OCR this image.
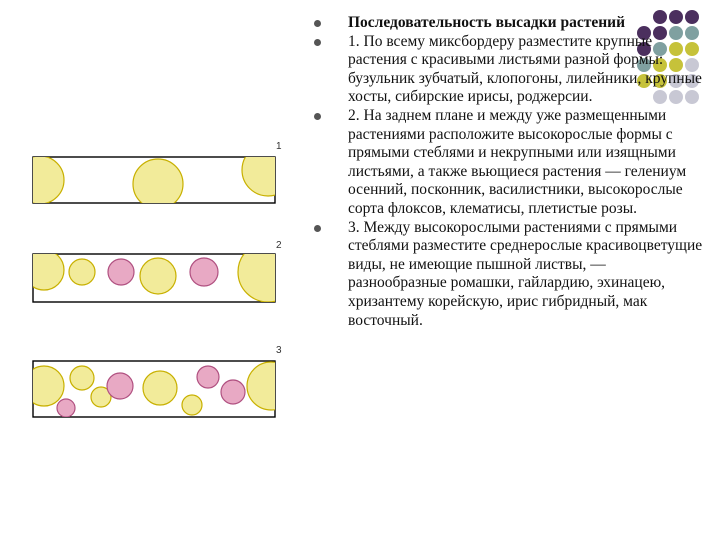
1
2
3
Последовательность высадки растений
1. По всему миксбордеру разместите крупные растения с красивыми листьями разной формы: бузульник зубчатый, клопогоны, лилейники, крупные хосты, сибирские ирисы, роджерсии.
2. На заднем плане и между уже размещенными растениями расположите высокорослые формы с прямыми стеблями и некрупными или изящными листьями, а также вьющиеся растения — гелениум осенний, посконник, василистники, высокорослые сорта флоксов, клематисы, плетистые розы.
3. Между высокорослыми растениями с прямыми стеблями разместите среднерослые красивоцветущие виды, не имеющие пышной листвы, — разнообразные ромашки, гайлардию, эхинацею, хризантему корейскую, ирис гибридный, мак восточный.
